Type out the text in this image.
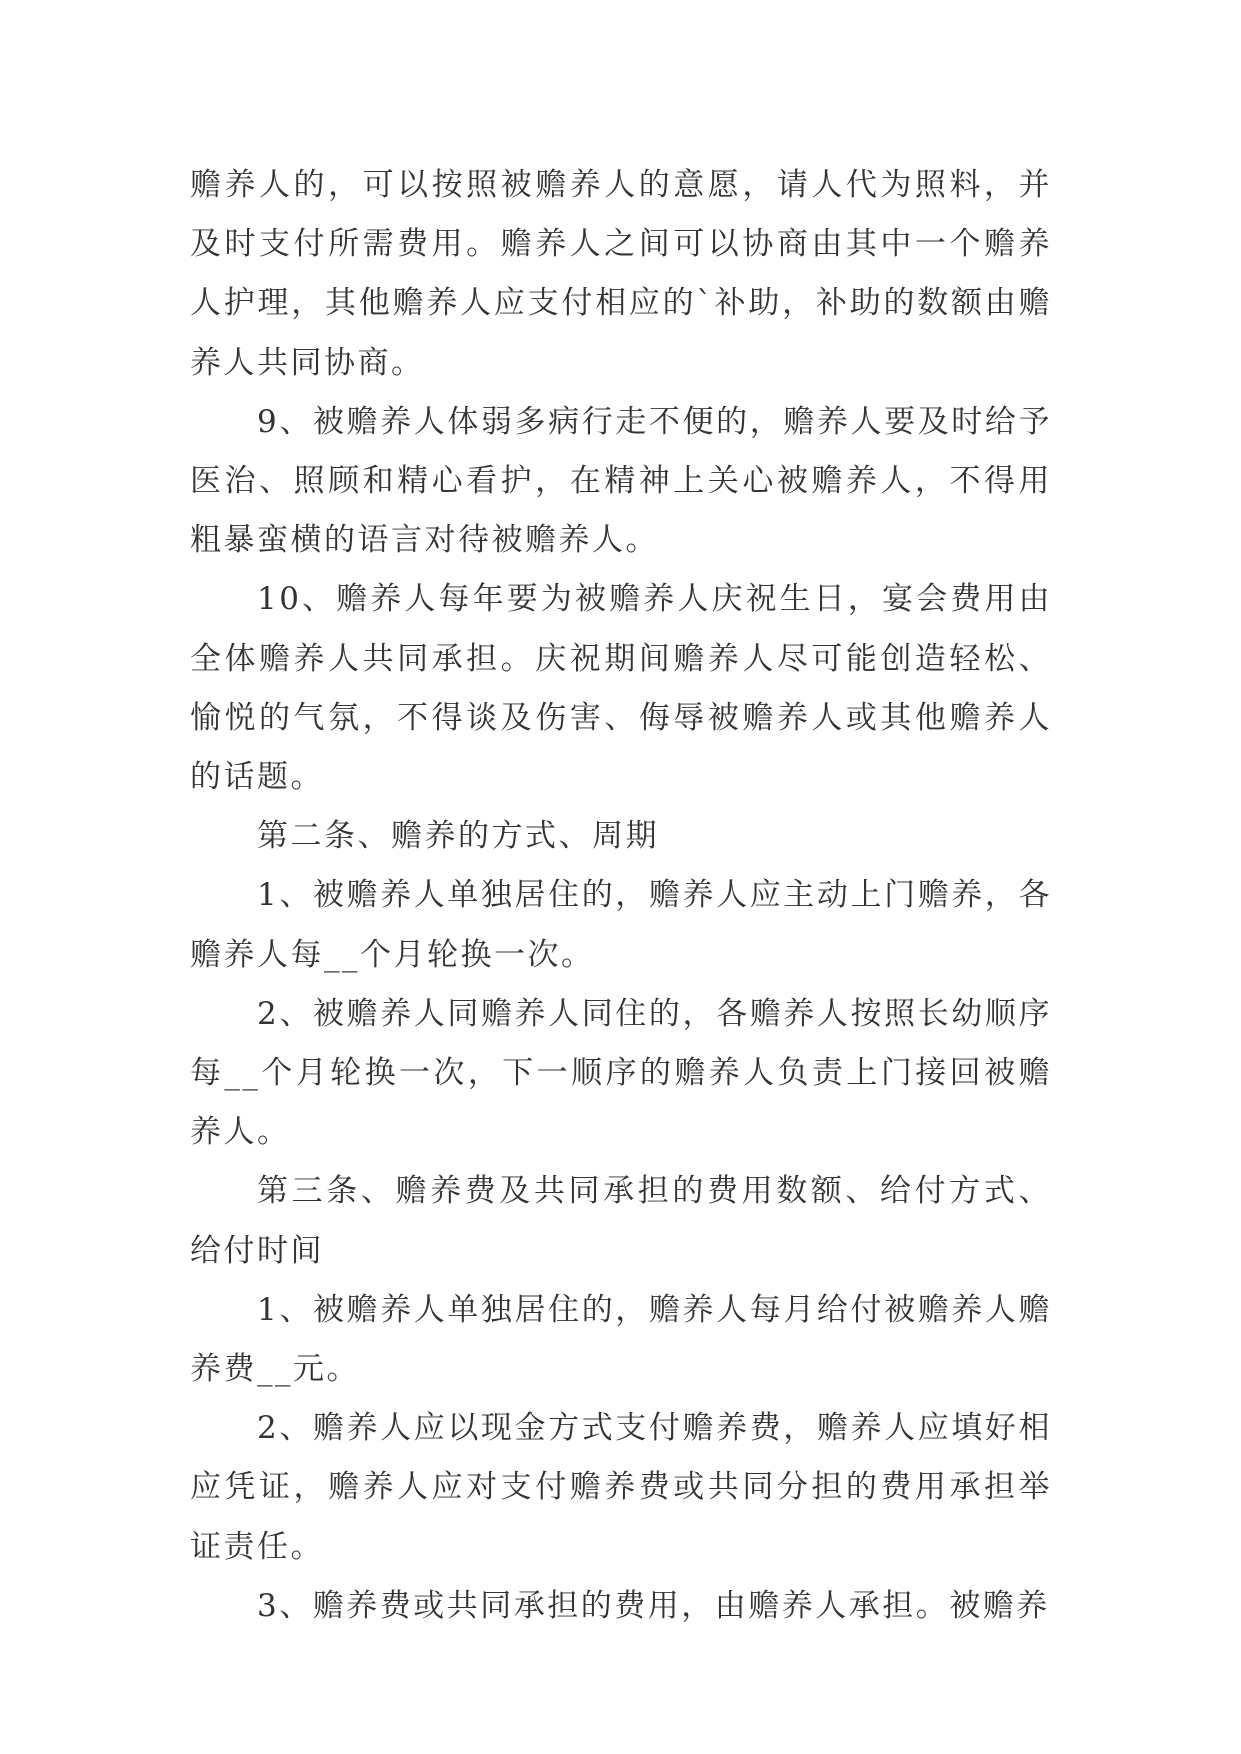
赡养人的，可以按照被赡养人的意愿，请人代为照料，并及时支付所需费用。赡养人之间可以协商由其中一个赡养人护理，其他赡养人应支付相应的`补助，补助的数额由赡养人共同协商。

9、被赡养人体弱多病行走不便的，赡养人要及时给予医治、照顾和精心看护，在精神上关心被赡养人，不得用粗暴蛮横的语言对待被赡养人。

10、赡养人每年要为被赡养人庆祝生日，宴会费用由全体赡养人共同承担。庆祝期间赡养人尽可能创造轻松、愉悦的气氛，不得谈及伤害、侮辱被赡养人或其他赡养人的话题。

第二条、赡养的方式、周期

1、被赡养人单独居住的，赡养人应主动上门赡养，各赡养人每__个月轮换一次。

2、被赡养人同赡养人同住的，各赡养人按照长幼顺序每__个月轮换一次，下一顺序的赡养人负责上门接回被赡养人。

第三条、赡养费及共同承担的费用数额、给付方式、给付时间

1、被赡养人单独居住的，赡养人每月给付被赡养人赡养费__元。

2、赡养人应以现金方式支付赡养费，赡养人应填好相应凭证，赡养人应对支付赡养费或共同分担的费用承担举证责任。

3、赡养费或共同承担的费用，由赡养人承担。被赡养
